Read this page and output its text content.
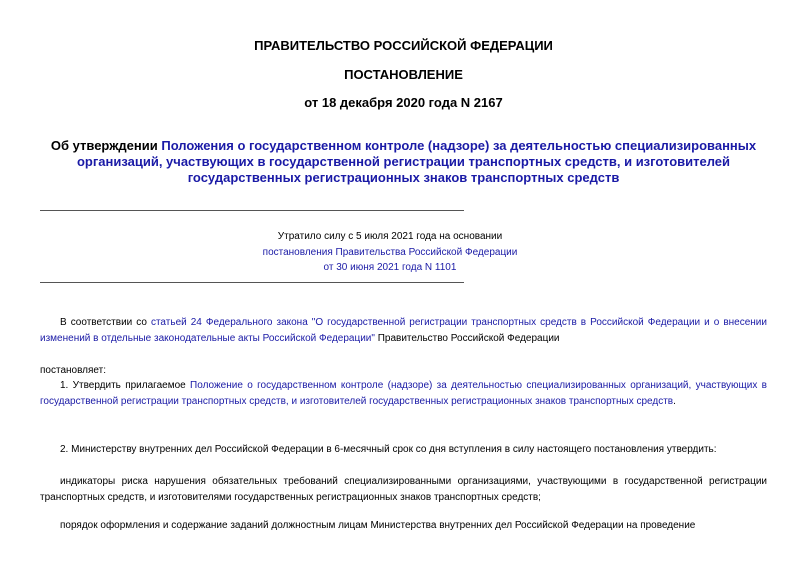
ПРАВИТЕЛЬСТВО РОССИЙСКОЙ ФЕДЕРАЦИИ
ПОСТАНОВЛЕНИЕ
от 18 декабря 2020 года N 2167
Об утверждении Положения о государственном контроле (надзоре) за деятельностью специализированных организаций, участвующих в государственной регистрации транспортных средств, и изготовителей государственных регистрационных знаков транспортных средств
Утратило силу с 5 июля 2021 года на основании
постановления Правительства Российской Федерации
от 30 июня 2021 года N 1101
В соответствии со статьей 24 Федерального закона "О государственной регистрации транспортных средств в Российской Федерации и о внесении изменений в отдельные законодательные акты Российской Федерации" Правительство Российской Федерации
постановляет:
1. Утвердить прилагаемое Положение о государственном контроле (надзоре) за деятельностью специализированных организаций, участвующих в государственной регистрации транспортных средств, и изготовителей государственных регистрационных знаков транспортных средств.
2. Министерству внутренних дел Российской Федерации в 6-месячный срок со дня вступления в силу настоящего постановления утвердить:
индикаторы риска нарушения обязательных требований специализированными организациями, участвующими в государственной регистрации транспортных средств, и изготовителями государственных регистрационных знаков транспортных средств;
порядок оформления и содержание заданий должностным лицам Министерства внутренних дел Российской Федерации на проведение
